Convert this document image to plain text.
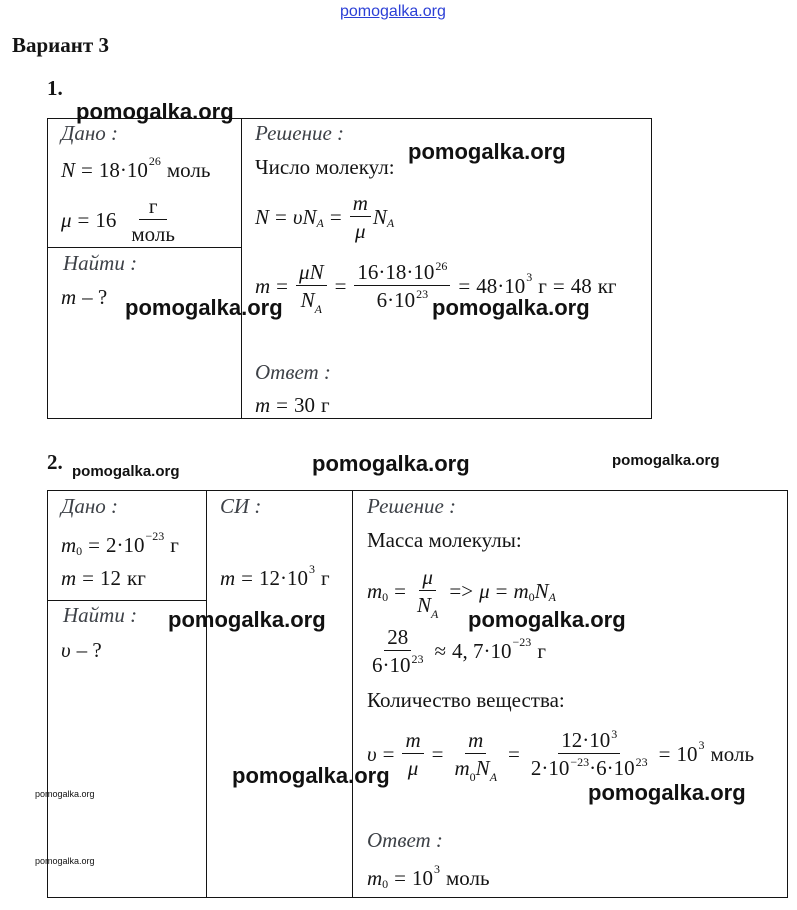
pomogalka.org
Вариант 3
1.
Дано :
N = 18·10 26 моль
μ = 16
г
моль
Найти :
m – ?
Решение :
Число молекул:
N = υ N $A = \frac{m}{\mu}$ N A
$m = \frac{\mu N}{N_A} = \frac{16\cdot 18\cdot 10^{26}}{6\cdot 10^{23}} = 48\cdot 10$ 3 г = 48 кг
Ответ :
m = 30 г
2.
Дано :
m 0 = 2·10 −23 г
m = 12 кг
Найти :
υ – ?
СИ :
m = 12·10 3 г
Решение :
Масса молекулы:
m $0 = \frac{\mu}{N_A} => \mu = m$ 0 N A
$\frac{28}{6\cdot 10^{23}} \approx 4$, 7·10 −23 г
Количество вещества:
$\upsilon = \frac{m}{\mu} = \frac{m}{m_0N_A} = \frac{12\cdot 10^3}{2\cdot 10^{-23}\cdot 6\cdot 10^{23}} = 10$ 3 моль
Ответ :
m 0 = 10 3 моль
pomogalka.org
pomogalka.org
pomogalka.org	pomogalka.org
pomogalka.org	pomogalka.org	pomogalka.org
pomogalka.org	pomogalka.org
pomogalka.org
pomogalka.org
pomogalka.org
pomogalka.org
